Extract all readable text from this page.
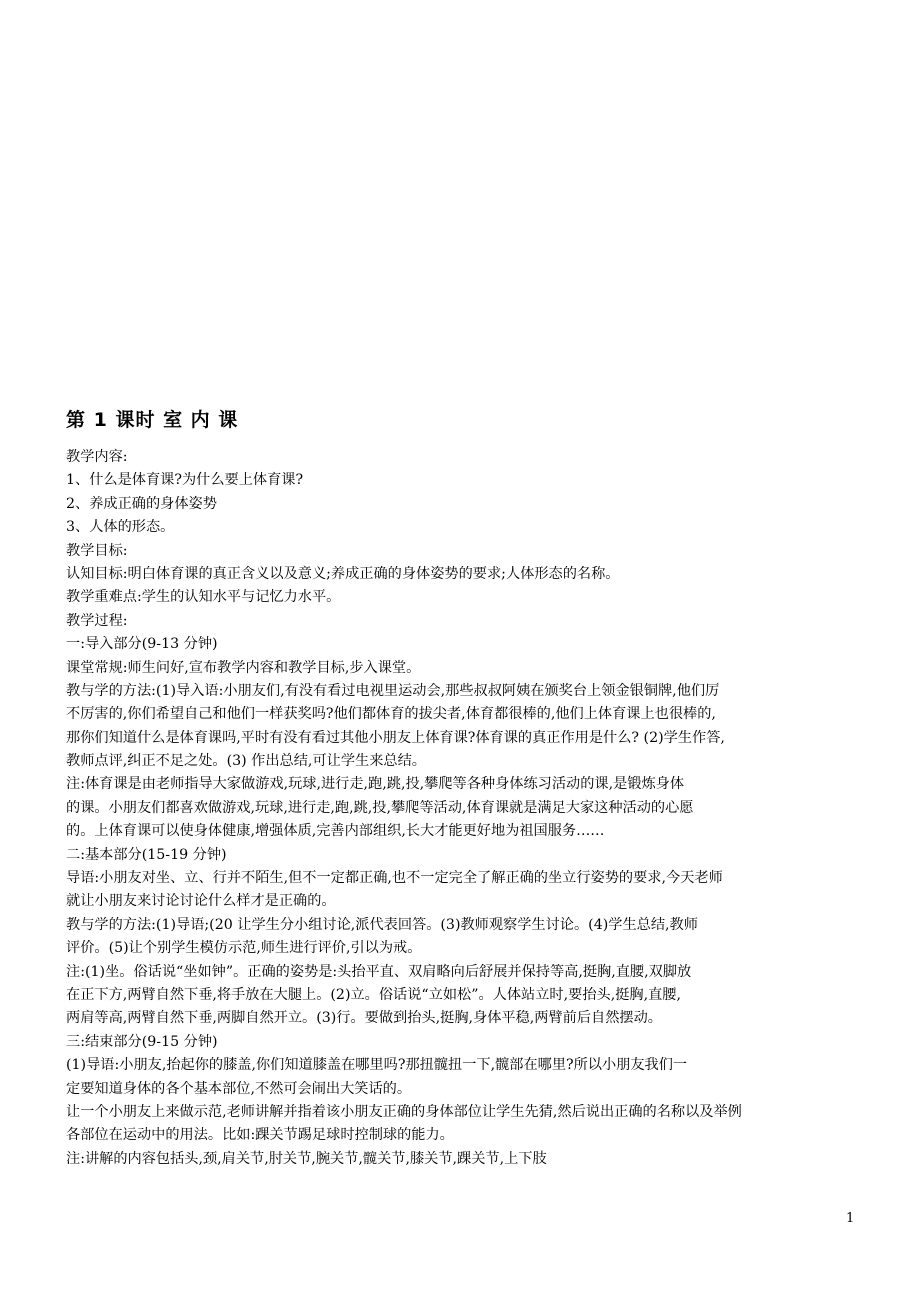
第 1 课时 室 内 课
教学内容:
1、什么是体育课?为什么要上体育课?
2、养成正确的身体姿势
3、人体的形态。
教学目标:
认知目标:明白体育课的真正含义以及意义;养成正确的身体姿势的要求;人体形态的名称。
教学重难点:学生的认知水平与记忆力水平。
教学过程:
一:导入部分(9-13 分钟)
课堂常规:师生问好,宣布教学内容和教学目标,步入课堂。
教与学的方法:(1)导入语:小朋友们,有没有看过电视里运动会,那些叔叔阿姨在颁奖台上领金银铜牌,他们厉
不厉害的,你们希望自己和他们一样获奖吗?他们都体育的拔尖者,体育都很棒的,他们上体育课上也很棒的,
那你们知道什么是体育课吗,平时有没有看过其他小朋友上体育课?体育课的真正作用是什么? (2)学生作答,
教师点评,纠正不足之处。(3) 作出总结,可让学生来总结。
注:体育课是由老师指导大家做游戏,玩球,进行走,跑,跳,投,攀爬等各种身体练习活动的课,是锻炼身体
的课。小朋友们都喜欢做游戏,玩球,进行走,跑,跳,投,攀爬等活动,体育课就是满足大家这种活动的心愿
的。上体育课可以使身体健康,增强体质,完善内部组织,长大才能更好地为祖国服务……
二:基本部分(15-19 分钟)
导语:小朋友对坐、立、行并不陌生,但不一定都正确,也不一定完全了解正确的坐立行姿势的要求,今天老师
就让小朋友来讨论讨论什么样才是正确的。
教与学的方法:(1)导语;(20 让学生分小组讨论,派代表回答。(3)教师观察学生讨论。(4)学生总结,教师
评价。(5)让个别学生模仿示范,师生进行评价,引以为戒。
注:(1)坐。俗话说“坐如钟”。正确的姿势是:头抬平直、双肩略向后舒展并保持等高,挺胸,直腰,双脚放
在正下方,两臂自然下垂,将手放在大腿上。(2)立。俗话说“立如松”。人体站立时,要抬头,挺胸,直腰,
两肩等高,两臂自然下垂,两脚自然开立。(3)行。要做到抬头,挺胸,身体平稳,两臂前后自然摆动。
三:结束部分(9-15 分钟)
(1)导语:小朋友,抬起你的膝盖,你们知道膝盖在哪里吗?那扭髋扭一下,髋部在哪里?所以小朋友我们一
定要知道身体的各个基本部位,不然可会闹出大笑话的。
让一个小朋友上来做示范,老师讲解并指着该小朋友正确的身体部位让学生先猜,然后说出正确的名称以及举例
各部位在运动中的用法。比如:踝关节踢足球时控制球的能力。
注:讲解的内容包括头,颈,肩关节,肘关节,腕关节,髋关节,膝关节,踝关节,上下肢
1
